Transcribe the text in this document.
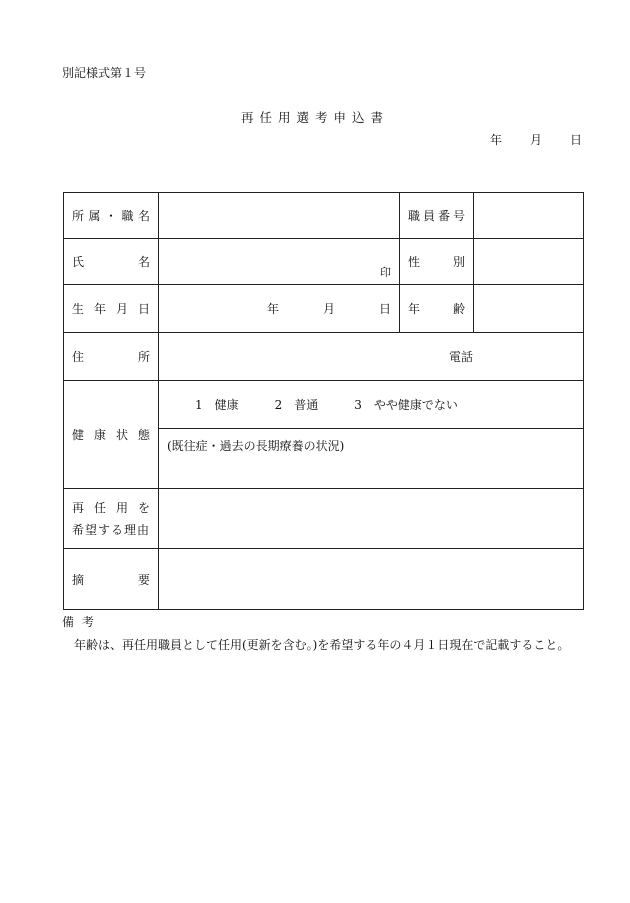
別記様式第１号
再任用選考申込書
年 月 日
所 属 ・ 職 名		職 員 番 号	

氏 名	印	性 別	

生 年 月 日	年 月 日	年 齢	

住 所	電話		

健 康 状 態	1　健康 2　普通 3　やや健康でない		

	(既往症・過去の長期療養の状況)		

再 任 用 を
希望する理由			

摘 要			

備考
年齢は、再任用職員として任用(更新を含む。)を希望する年の４月１日現在で記載すること。
